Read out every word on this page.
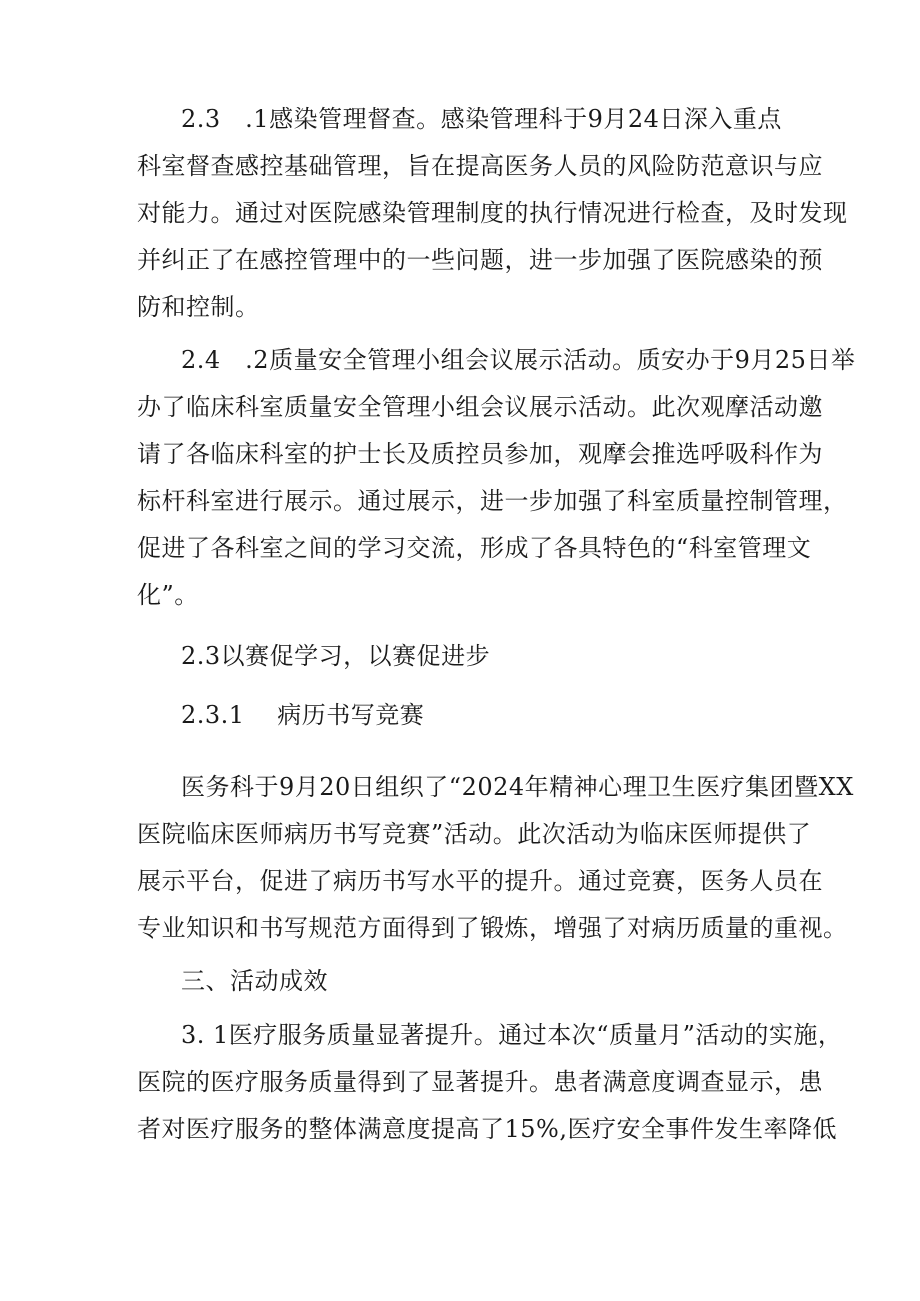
2.3　.1感染管理督查。感染管理科于9月24日深入重点
科室督查感控基础管理，旨在提高医务人员的风险防范意识与应
对能力。通过对医院感染管理制度的执行情况进行检查，及时发现
并纠正了在感控管理中的一些问题，进一步加强了医院感染的预
防和控制。
2.4　.2质量安全管理小组会议展示活动。质安办于9月25日举
办了临床科室质量安全管理小组会议展示活动。此次观摩活动邀
请了各临床科室的护士长及质控员参加，观摩会推选呼吸科作为
标杆科室进行展示。通过展示，进一步加强了科室质量控制管理，
促进了各科室之间的学习交流，形成了各具特色的“科室管理文
化”。
2.3以赛促学习，以赛促进步
2.3.1　 病历书写竞赛
医务科于9月20日组织了“2024年精神心理卫生医疗集团暨XX
医院临床医师病历书写竞赛”活动。此次活动为临床医师提供了
展示平台，促进了病历书写水平的提升。通过竞赛，医务人员在
专业知识和书写规范方面得到了锻炼，增强了对病历质量的重视。
三、活动成效
3. 1医疗服务质量显著提升。通过本次“质量月”活动的实施，
医院的医疗服务质量得到了显著提升。患者满意度调查显示，患
者对医疗服务的整体满意度提高了15%,医疗安全事件发生率降低
